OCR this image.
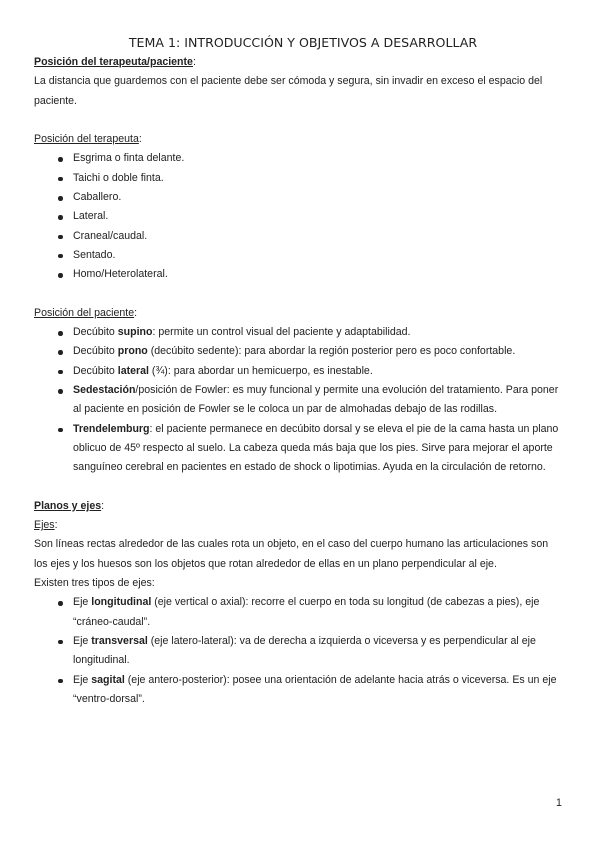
TEMA 1: INTRODUCCIÓN Y OBJETIVOS A DESARROLLAR
Posición del terapeuta/paciente:
La distancia que guardemos con el paciente debe ser cómoda y segura, sin invadir en exceso el espacio del paciente.
Posición del terapeuta:
Esgrima o finta delante.
Taichi o doble finta.
Caballero.
Lateral.
Craneal/caudal.
Sentado.
Homo/Heterolateral.
Posición del paciente:
Decúbito supino: permite un control visual del paciente y adaptabilidad.
Decúbito prono (decúbito sedente): para abordar la región posterior pero es poco confortable.
Decúbito lateral (¾): para abordar un hemicuerpo, es inestable.
Sedestación/posición de Fowler: es muy funcional y permite una evolución del tratamiento. Para poner al paciente en posición de Fowler se le coloca un par de almohadas debajo de las rodillas.
Trendelemburg: el paciente permanece en decúbito dorsal y se eleva el pie de la cama hasta un plano oblicuo de 45º respecto al suelo. La cabeza queda más baja que los pies. Sirve para mejorar el aporte sanguíneo cerebral en pacientes en estado de shock o lipotimias. Ayuda en la circulación de retorno.
Planos y ejes:
Ejes:
Son líneas rectas alrededor de las cuales rota un objeto, en el caso del cuerpo humano las articulaciones son los ejes y los huesos son los objetos que rotan alrededor de ellas en un plano perpendicular al eje.
Existen tres tipos de ejes:
Eje longitudinal (eje vertical o axial): recorre el cuerpo en toda su longitud (de cabezas a pies), eje “cráneo-caudal”.
Eje transversal (eje latero-lateral): va de derecha a izquierda o viceversa y es perpendicular al eje longitudinal.
Eje sagital (eje antero-posterior): posee una orientación de adelante hacia atrás o viceversa. Es un eje “ventro-dorsal”.
1
